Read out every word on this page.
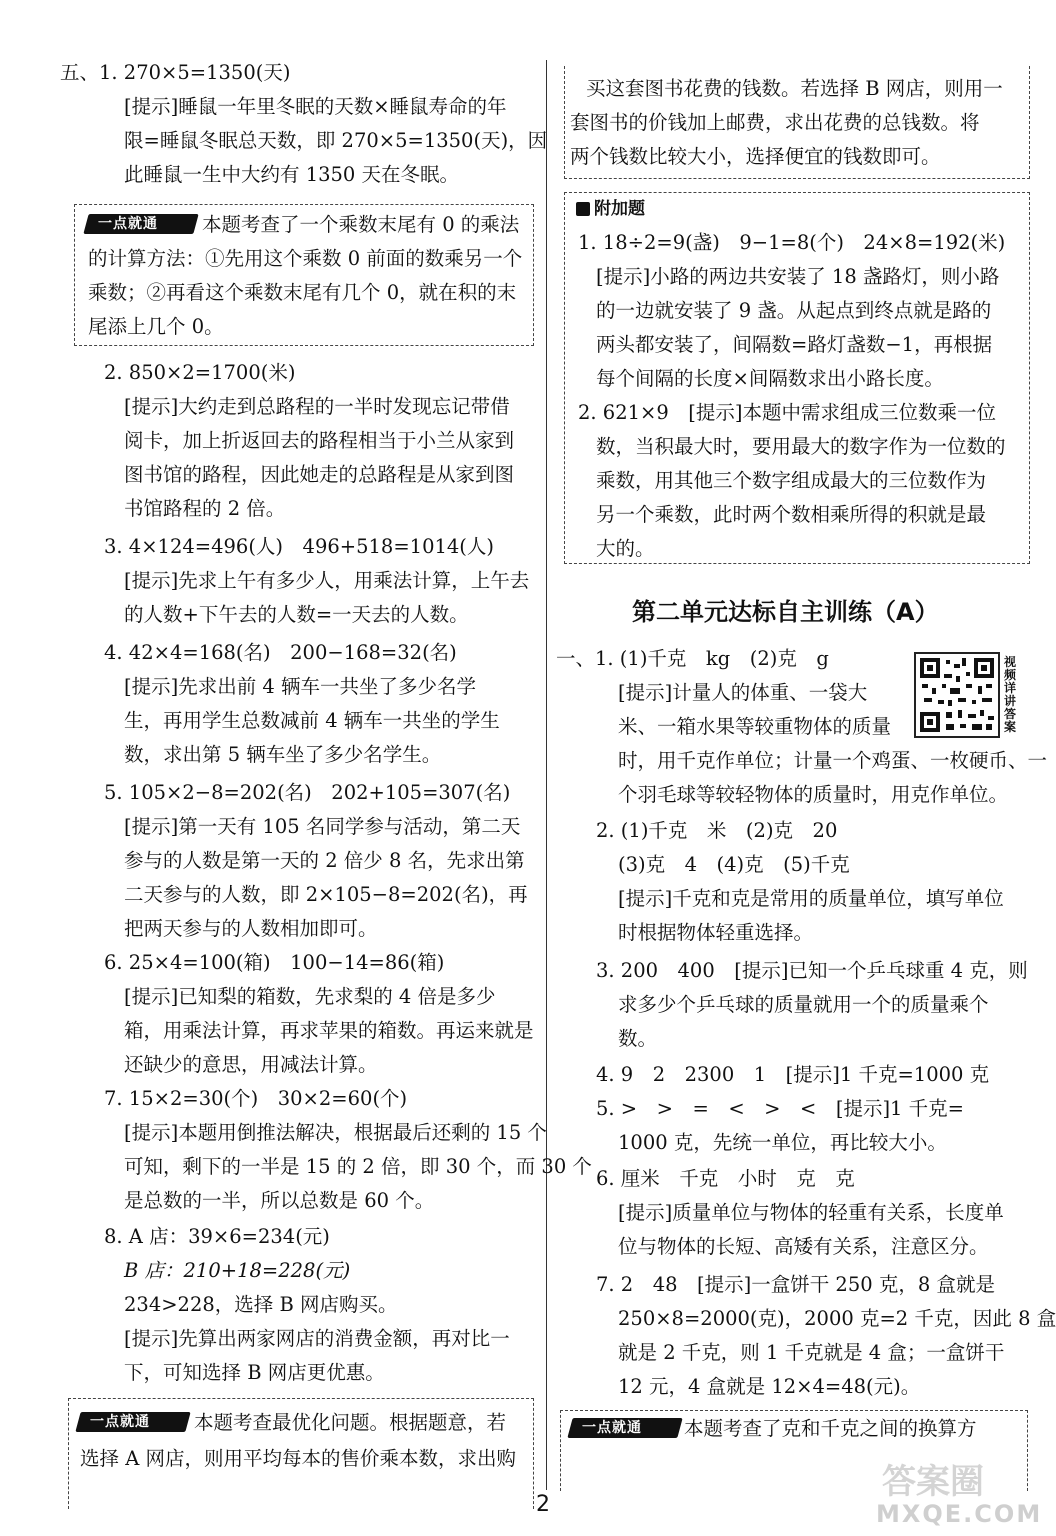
五、1. 270×5=1350(天)
[提示]睡鼠一年里冬眠的天数×睡鼠寿命的年
限=睡鼠冬眠总天数，即 270×5=1350(天)，因
此睡鼠一生中大约有 1350 天在冬眠。
一点就通 本题考查了一个乘数末尾有 0 的乘法
的计算方法：①先用这个乘数 0 前面的数乘另一个
乘数；②再看这个乘数末尾有几个 0，就在积的末
尾添上几个 0。
2. 850×2=1700(米)
[提示]大约走到总路程的一半时发现忘记带借
阅卡，加上折返回去的路程相当于小兰从家到
图书馆的路程，因此她走的总路程是从家到图
书馆路程的 2 倍。
3. 4×124=496(人)　496+518=1014(人)
[提示]先求上午有多少人，用乘法计算，上午去
的人数+下午去的人数=一天去的人数。
4. 42×4=168(名)　200−168=32(名)
[提示]先求出前 4 辆车一共坐了多少名学
生，再用学生总数减前 4 辆车一共坐的学生
数，求出第 5 辆车坐了多少名学生。
5. 105×2−8=202(名)　202+105=307(名)
[提示]第一天有 105 名同学参与活动，第二天
参与的人数是第一天的 2 倍少 8 名，先求出第
二天参与的人数，即 2×105−8=202(名)，再
把两天参与的人数相加即可。
6. 25×4=100(箱)　100−14=86(箱)
[提示]已知梨的箱数，先求梨的 4 倍是多少
箱，用乘法计算，再求苹果的箱数。再运来就是
还缺少的意思，用减法计算。
7. 15×2=30(个)　30×2=60(个)
[提示]本题用倒推法解决，根据最后还剩的 15 个
可知，剩下的一半是 15 的 2 倍，即 30 个，而 30 个
是总数的一半，所以总数是 60 个。
8. A 店：39×6=234(元)
B 店：210+18=228(元)
234>228，选择 B 网店购买。
[提示]先算出两家网店的消费金额，再对比一
下，可知选择 B 网店更优惠。
一点就通 本题考查最优化问题。根据题意，若
选择 A 网店，则用平均每本的售价乘本数，求出购
买这套图书花费的钱数。若选择 B 网店，则用一
套图书的价钱加上邮费，求出花费的总钱数。将
两个钱数比较大小，选择便宜的钱数即可。
附加题
1. 18÷2=9(盏)　9−1=8(个)　24×8=192(米)
[提示]小路的两边共安装了 18 盏路灯，则小路
的一边就安装了 9 盏。从起点到终点就是路的
两头都安装了，间隔数=路灯盏数−1，再根据
每个间隔的长度×间隔数求出小路长度。
2. 621×9　[提示]本题中需求组成三位数乘一位
数，当积最大时，要用最大的数字作为一位数的
乘数，用其他三个数字组成最大的三位数作为
另一个乘数，此时两个数相乘所得的积就是最
大的。
第二单元达标自主训练（A）
一、1. (1)千克　kg　(2)克　g	视频详讲答案
[提示]计量人的体重、一袋大
米、一箱水果等较重物体的质量
时，用千克作单位；计量一个鸡蛋、一枚硬币、一
个羽毛球等较轻物体的质量时，用克作单位。
2. (1)千克　米　(2)克　20
(3)克　4　(4)克　(5)千克
[提示]千克和克是常用的质量单位，填写单位
时根据物体轻重选择。
3. 200　400　[提示]已知一个乒乓球重 4 克，则
求多少个乒乓球的质量就用一个的质量乘个
数。
4. 9　2　2300　1　[提示]1 千克=1000 克
5. >　>　=　<　>　<　[提示]1 千克=
1000 克，先统一单位，再比较大小。
6. 厘米　千克　小时　克　克
[提示]质量单位与物体的轻重有关系，长度单
位与物体的长短、高矮有关系，注意区分。
7. 2　48　[提示]一盒饼干 250 克，8 盒就是
250×8=2000(克)，2000 克=2 千克，因此 8 盒
就是 2 千克，则 1 千克就是 4 盒；一盒饼干
12 元，4 盒就是 12×4=48(元)。
一点就通 本题考查了克和千克之间的换算方
2
答案圈
MXQE.COM
